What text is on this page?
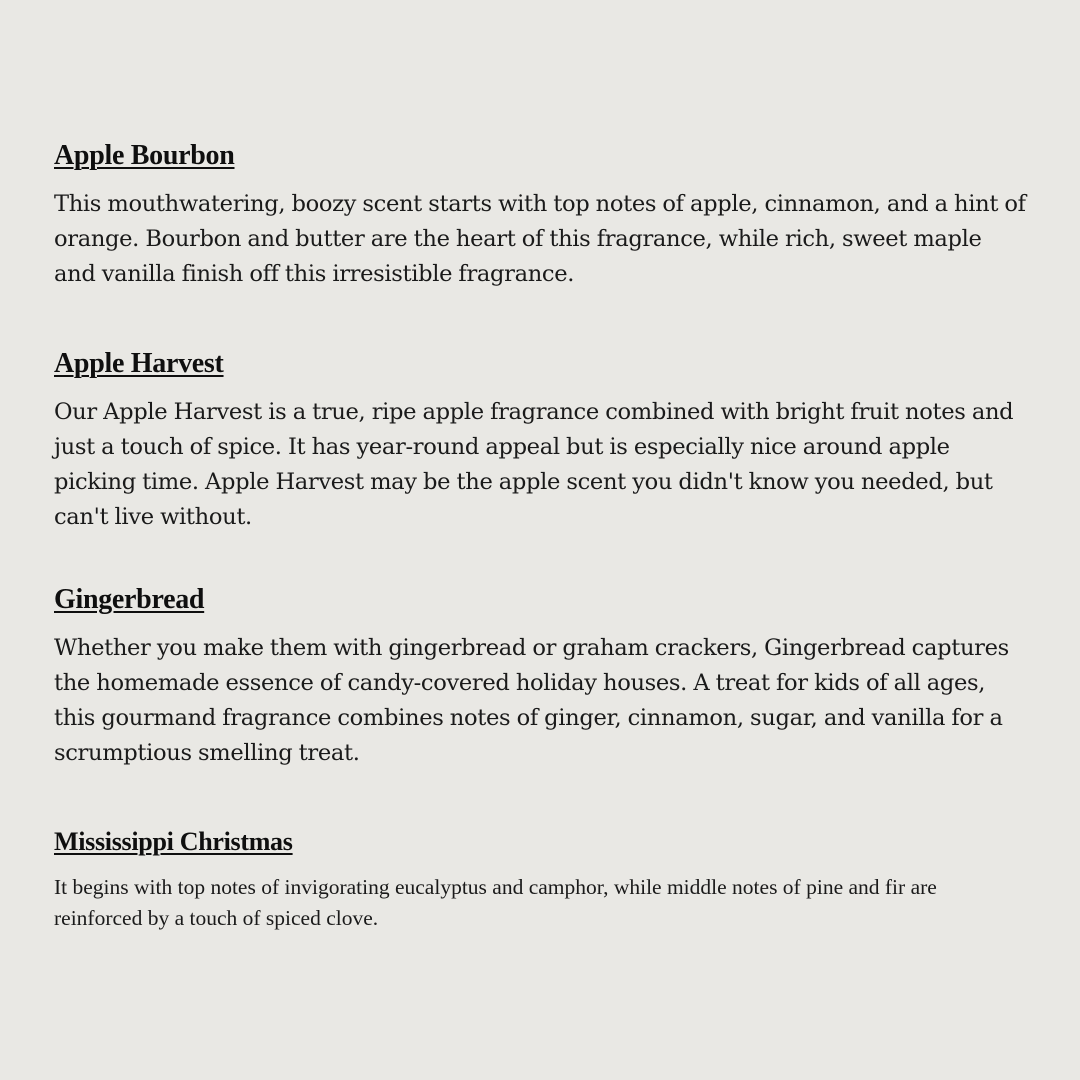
Apple Bourbon

This mouthwatering, boozy scent starts with top notes of apple, cinnamon, and a hint of orange. Bourbon and butter are the heart of this fragrance, while rich, sweet maple and vanilla finish off this irresistible fragrance.

Apple Harvest

Our Apple Harvest is a true, ripe apple fragrance combined with bright fruit notes and just a touch of spice. It has year-round appeal but is especially nice around apple picking time. Apple Harvest may be the apple scent you didn't know you needed, but can't live without.

Gingerbread

Whether you make them with gingerbread or graham crackers, Gingerbread captures the homemade essence of candy-covered holiday houses. A treat for kids of all ages, this gourmand fragrance combines notes of ginger, cinnamon, sugar, and vanilla for a scrumptious smelling treat.

Mississippi Christmas

It begins with top notes of invigorating eucalyptus and camphor, while middle notes of pine and fir are reinforced by a touch of spiced clove.
